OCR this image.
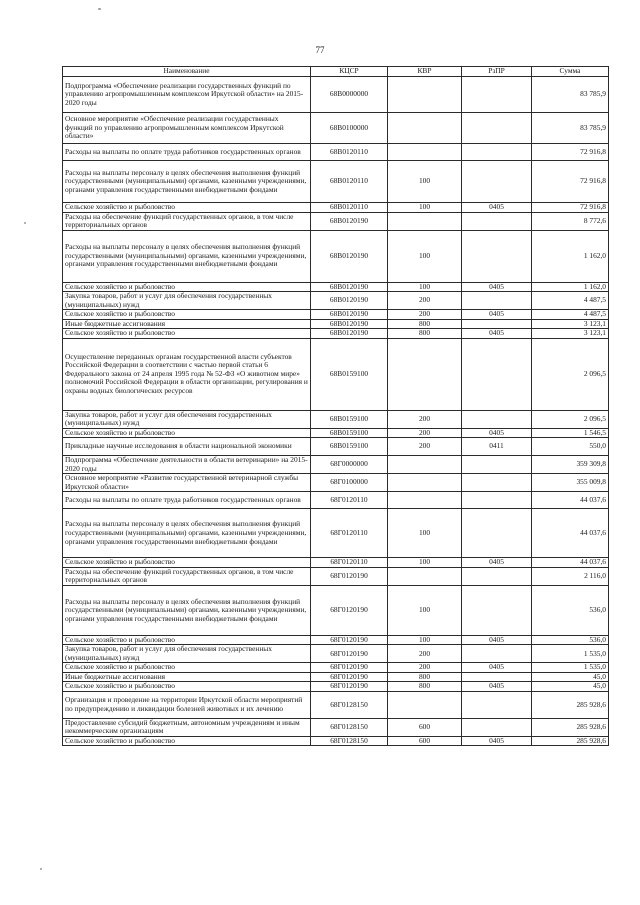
77
Наименование	КЦСР	КВР	РзПР	Сумма
Подпрограмма «Обеспечение реализации государственных функций по управлению агропромышленным комплексом Иркутской области» на 2015-2020 годы	68В0000000			83 785,9
Основное мероприятие «Обеспечение реализации государственных функций по управлению агропромышленным комплексом Иркутской области»	68В0100000			83 785,9
Расходы на выплаты по оплате труда работников государственных органов	68В0120110			72 916,8
Расходы на выплаты персоналу в целях обеспечения выполнения функций государственными (муниципальными) органами, казенными учреждениями, органами управления государственными внебюджетными фондами	68В0120110	100		72 916,8
Сельское хозяйство и рыболовство	68В0120110	100	0405	72 916,8
Расходы на обеспечение функций государственных органов, в том числе территориальных органов	68В0120190			8 772,6
Расходы на выплаты персоналу в целях обеспечения выполнения функций государственными (муниципальными) органами, казенными учреждениями, органами управления государственными внебюджетными фондами	68В0120190	100		1 162,0
Сельское хозяйство и рыболовство	68В0120190	100	0405	1 162,0
Закупка товаров, работ и услуг для обеспечения государственных (муниципальных) нужд	68В0120190	200		4 487,5
Сельское хозяйство и рыболовство	68В0120190	200	0405	4 487,5
Иные бюджетные ассигнования	68В0120190	800		3 123,1
Сельское хозяйство и рыболовство	68В0120190	800	0405	3 123,1
Осуществление переданных органам государственной власти субъектов Российской Федерации в соответствии с частью первой статьи 6 Федерального закона от 24 апреля 1995 года № 52-ФЗ «О животном мире» полномочий Российской Федерации в области организации, регулирования и охраны водных биологических ресурсов	68В0159100			2 096,5
Закупка товаров, работ и услуг для обеспечения государственных (муниципальных) нужд	68В0159100	200		2 096,5
Сельское хозяйство и рыболовство	68В0159100	200	0405	1 546,5
Прикладные научные исследования в области национальной экономики	68В0159100	200	0411	550,0
Подпрограмма «Обеспечение деятельности в области ветеринарии» на 2015-2020 годы	68Г0000000			359 309,8
Основное мероприятие «Развитие государственной ветеринарной службы Иркутской области»	68Г0100000			355 009,8
Расходы на выплаты по оплате труда работников государственных органов	68Г0120110			44 037,6
Расходы на выплаты персоналу в целях обеспечения выполнения функций государственными (муниципальными) органами, казенными учреждениями, органами управления государственными внебюджетными фондами	68Г0120110	100		44 037,6
Сельское хозяйство и рыболовство	68Г0120110	100	0405	44 037,6
Расходы на обеспечение функций государственных органов, в том числе территориальных органов	68Г0120190			2 116,0
Расходы на выплаты персоналу в целях обеспечения выполнения функций государственными (муниципальными) органами, казенными учреждениями, органами управления государственными внебюджетными фондами	68Г0120190	100		536,0
Сельское хозяйство и рыболовство	68Г0120190	100	0405	536,0
Закупка товаров, работ и услуг для обеспечения государственных (муниципальных) нужд	68Г0120190	200		1 535,0
Сельское хозяйство и рыболовство	68Г0120190	200	0405	1 535,0
Иные бюджетные ассигнования	68Г0120190	800		45,0
Сельское хозяйство и рыболовство	68Г0120190	800	0405	45,0
Организация и проведение на территории Иркутской области мероприятий по предупреждению и ликвидации болезней животных и их лечению	68Г0128150			285 928,6
Предоставление субсидий бюджетным, автономным учреждениям и иным некоммерческим организациям	68Г0128150	600		285 928,6
Сельское хозяйство и рыболовство	68Г0128150	600	0405	285 928,6
